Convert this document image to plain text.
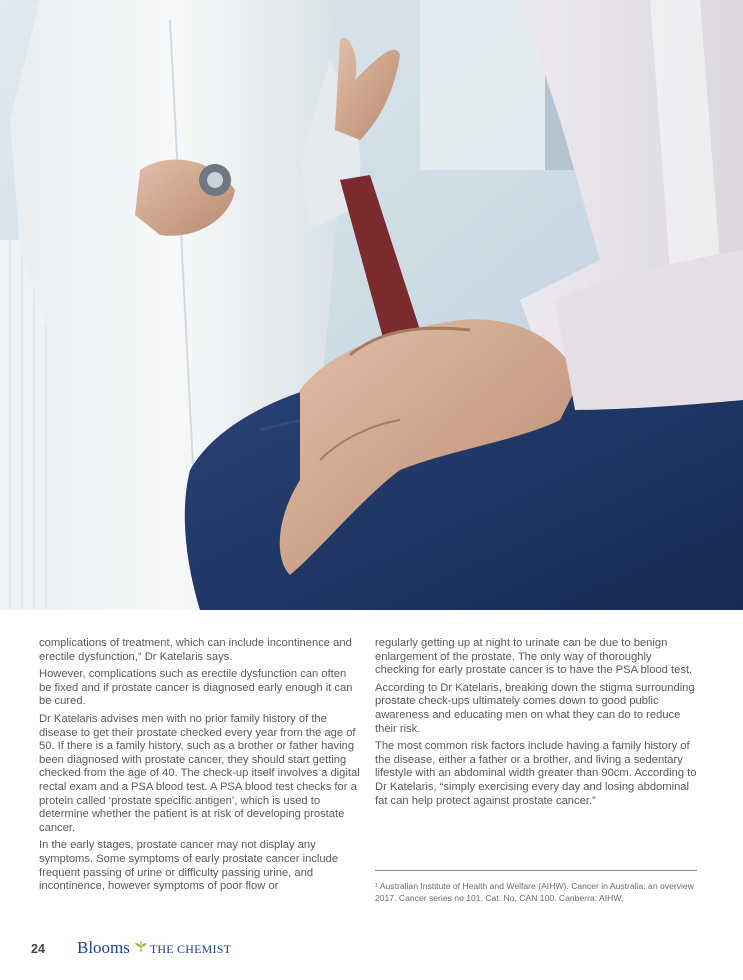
complications of treatment, which can include incontinence and erectile dysfunction,” Dr Katelaris says.

However, complications such as erectile dysfunction can often be fixed and if prostate cancer is diagnosed early enough it can be cured.

Dr Katelaris advises men with no prior family history of the disease to get their prostate checked every year from the age of 50. If there is a family history, such as a brother or father having been diagnosed with prostate cancer, they should start getting checked from the age of 40. The check-up itself involves a digital rectal exam and a PSA blood test. A PSA blood test checks for a protein called ‘prostate specific antigen’, which is used to determine whether the patient is at risk of developing prostate cancer.

In the early stages, prostate cancer may not display any symptoms. Some symptoms of early prostate cancer include frequent passing of urine or difficulty passing urine, and incontinence, however symptoms of poor flow or

regularly getting up at night to urinate can be due to benign enlargement of the prostate. The only way of thoroughly checking for early prostate cancer is to have the PSA blood test.

According to Dr Katelaris, breaking down the stigma surrounding prostate check-ups ultimately comes down to good public awareness and educating men on what they can do to reduce their risk.

The most common risk factors include having a family history of the disease, either a father or a brother, and living a sedentary lifestyle with an abdominal width greater than 90cm. According to Dr Katelaris, “simply exercising every day and losing abdominal fat can help protect against prostate cancer.”

¹ Australian Institute of Health and Welfare (AIHW). Cancer in Australia: an overview 2017. Cancer series no 101. Cat. No. CAN 100. Canberra: AIHW.
24 Blooms THE CHEMIST
